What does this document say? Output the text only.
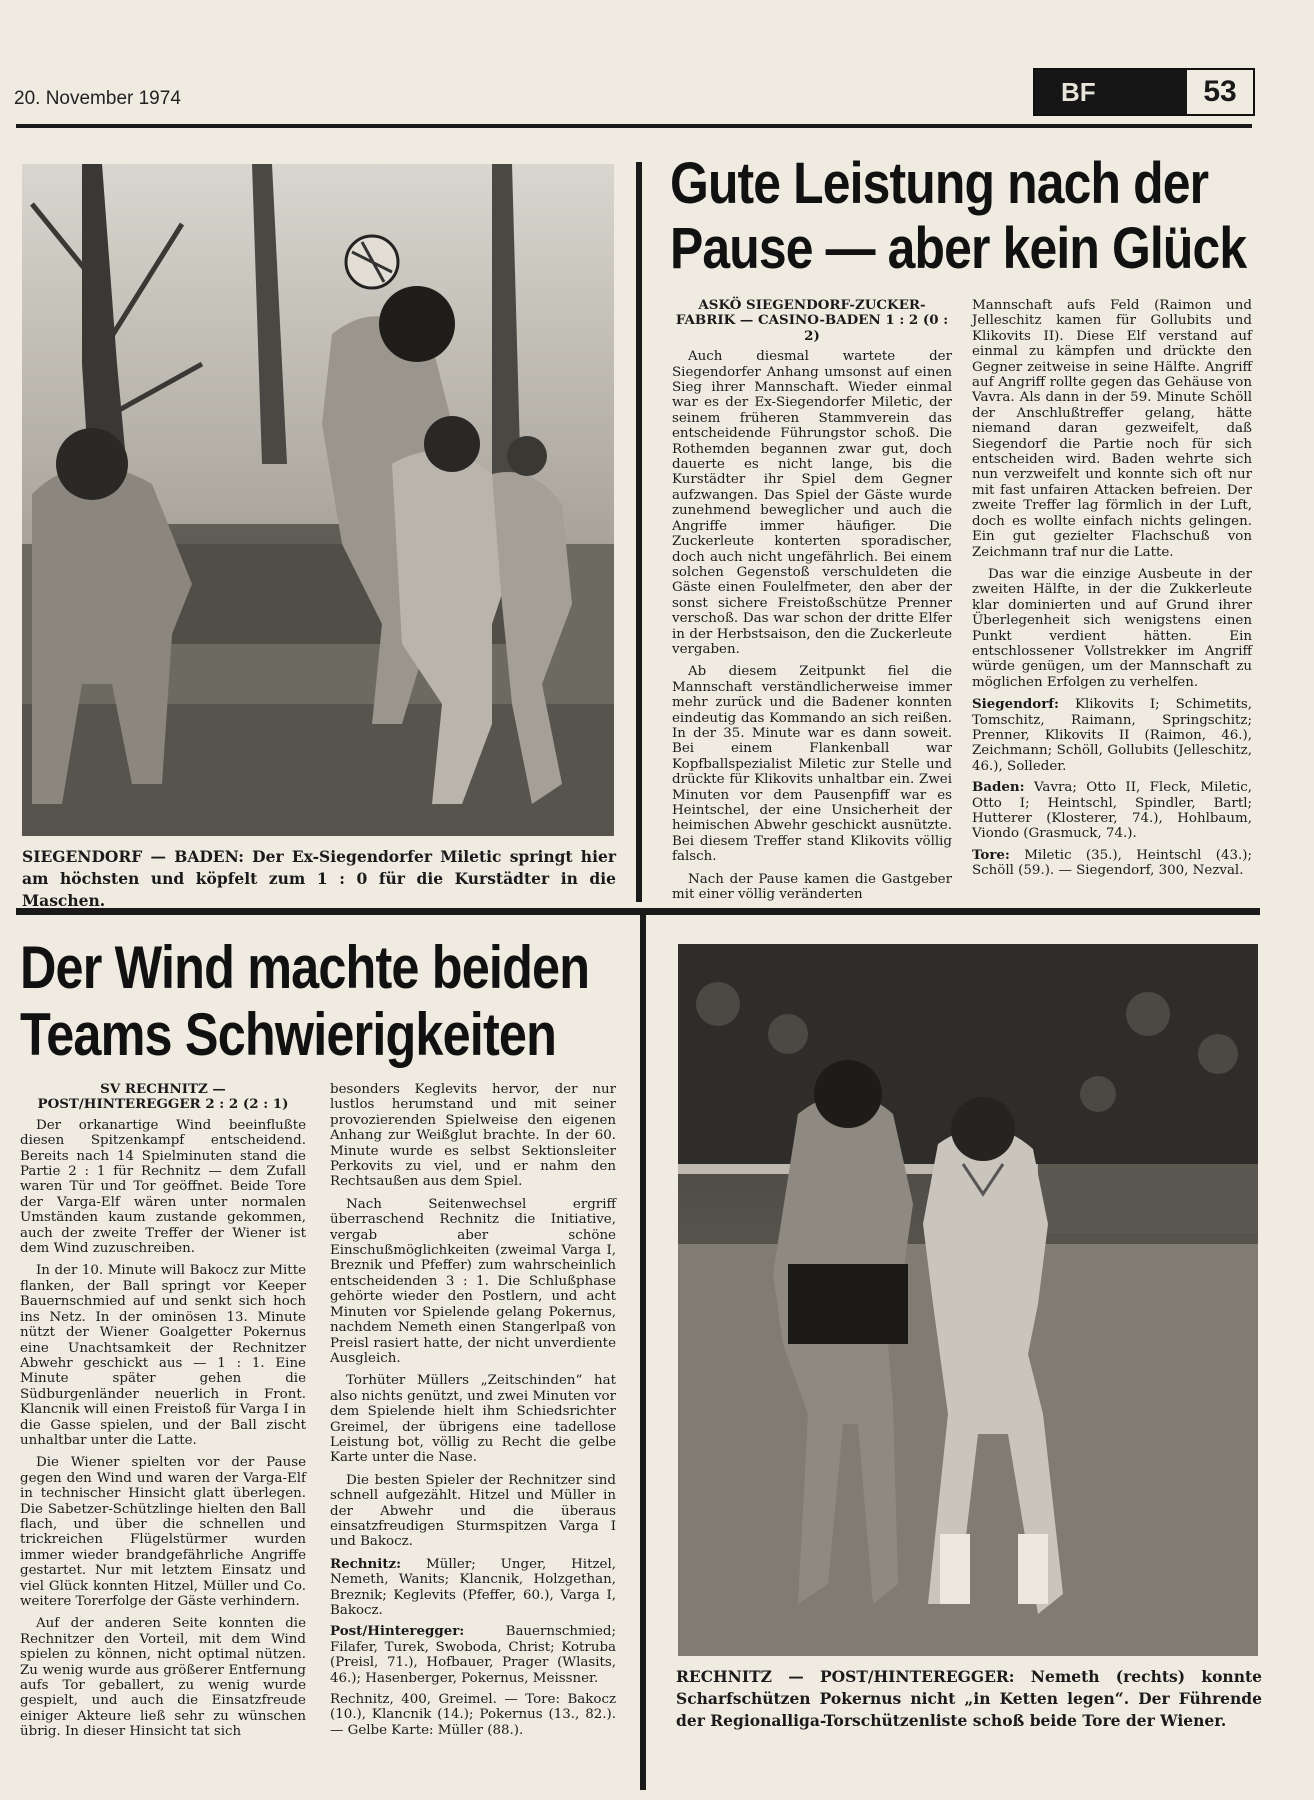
20. November 1974	BF	53
SIEGENDORF — BADEN: Der Ex-Siegendorfer Miletic springt hier am höchsten und köpfelt zum 1 : 0 für die Kurstädter in die Maschen.
Gute Leistung nach der Pause — aber kein Glück

ASKÖ SIEGENDORF-ZUCKER-FABRIK — CASINO-BADEN 1 : 2 (0 : 2)

Auch diesmal wartete der Siegendorfer Anhang umsonst auf einen Sieg ihrer Mannschaft. Wieder einmal war es der Ex-Siegendorfer Miletic, der seinem früheren Stammverein das entscheidende Führungstor schoß. Die Rothemden begannen zwar gut, doch dauerte es nicht lange, bis die Kurstädter ihr Spiel dem Gegner aufzwangen. Das Spiel der Gäste wurde zunehmend beweglicher und auch die Angriffe immer häufiger. Die Zuckerleute konterten sporadischer, doch auch nicht ungefährlich. Bei einem solchen Gegenstoß verschuldeten die Gäste einen Foulelfmeter, den aber der sonst sichere Freistoßschütze Prenner verschoß. Das war schon der dritte Elfer in der Herbstsaison, den die Zuckerleute vergaben.

Ab diesem Zeitpunkt fiel die Mannschaft verständlicherweise immer mehr zurück und die Badener konnten eindeutig das Kommando an sich reißen. In der 35. Minute war es dann soweit. Bei einem Flankenball war Kopfballspezialist Miletic zur Stelle und drückte für Klikovits unhaltbar ein. Zwei Minuten vor dem Pausenpfiff war es Heintschel, der eine Unsicherheit der heimischen Abwehr geschickt ausnützte. Bei diesem Treffer stand Klikovits völlig falsch.

Nach der Pause kamen die Gastgeber mit einer völlig veränderten

Mannschaft aufs Feld (Raimon und Jelleschitz kamen für Gollubits und Klikovits II). Diese Elf verstand auf einmal zu kämpfen und drückte den Gegner zeitweise in seine Hälfte. Angriff auf Angriff rollte gegen das Gehäuse von Vavra. Als dann in der 59. Minute Schöll der Anschlußtreffer gelang, hätte niemand daran gezweifelt, daß Siegendorf die Partie noch für sich entscheiden wird. Baden wehrte sich nun verzweifelt und konnte sich oft nur mit fast unfairen Attacken befreien. Der zweite Treffer lag förmlich in der Luft, doch es wollte einfach nichts gelingen. Ein gut gezielter Flachschuß von Zeichmann traf nur die Latte.

Das war die einzige Ausbeute in der zweiten Hälfte, in der die Zukkerleute klar dominierten und auf Grund ihrer Überlegenheit sich wenigstens einen Punkt verdient hätten. Ein entschlossener Vollstrekker im Angriff würde genügen, um der Mannschaft zu möglichen Erfolgen zu verhelfen.

Siegendorf: Klikovits I; Schimetits, Tomschitz, Raimann, Springschitz; Prenner, Klikovits II (Raimon, 46.), Zeichmann; Schöll, Gollubits (Jelleschitz, 46.), Solleder.

Baden: Vavra; Otto II, Fleck, Miletic, Otto I; Heintschl, Spindler, Bartl; Hutterer (Klosterer, 74.), Hohlbaum, Viondo (Grasmuck, 74.).

Tore: Miletic (35.), Heintschl (43.); Schöll (59.). — Siegendorf, 300, Nezval.

Der Wind machte beiden Teams Schwierigkeiten

SV RECHNITZ — POST/HINTEREGGER 2 : 2 (2 : 1)

Der orkanartige Wind beeinflußte diesen Spitzenkampf entscheidend. Bereits nach 14 Spielminuten stand die Partie 2 : 1 für Rechnitz — dem Zufall waren Tür und Tor geöffnet. Beide Tore der Varga-Elf wären unter normalen Umständen kaum zustande gekommen, auch der zweite Treffer der Wiener ist dem Wind zuzuschreiben.

In der 10. Minute will Bakocz zur Mitte flanken, der Ball springt vor Keeper Bauernschmied auf und senkt sich hoch ins Netz. In der ominösen 13. Minute nützt der Wiener Goalgetter Pokernus eine Unachtsamkeit der Rechnitzer Abwehr geschickt aus — 1 : 1. Eine Minute später gehen die Südburgenländer neuerlich in Front. Klancnik will einen Freistoß für Varga I in die Gasse spielen, und der Ball zischt unhaltbar unter die Latte.

Die Wiener spielten vor der Pause gegen den Wind und waren der Varga-Elf in technischer Hinsicht glatt überlegen. Die Sabetzer-Schützlinge hielten den Ball flach, und über die schnellen und trickreichen Flügelstürmer wurden immer wieder brandgefährliche Angriffe gestartet. Nur mit letztem Einsatz und viel Glück konnten Hitzel, Müller und Co. weitere Torerfolge der Gäste verhindern.

Auf der anderen Seite konnten die Rechnitzer den Vorteil, mit dem Wind spielen zu können, nicht optimal nützen. Zu wenig wurde aus größerer Entfernung aufs Tor geballert, zu wenig wurde gespielt, und auch die Einsatzfreude einiger Akteure ließ sehr zu wünschen übrig. In dieser Hinsicht tat sich

besonders Keglevits hervor, der nur lustlos herumstand und mit seiner provozierenden Spielweise den eigenen Anhang zur Weißglut brachte. In der 60. Minute wurde es selbst Sektionsleiter Perkovits zu viel, und er nahm den Rechtsaußen aus dem Spiel.

Nach Seitenwechsel ergriff überraschend Rechnitz die Initiative, vergab aber schöne Einschußmöglichkeiten (zweimal Varga I, Breznik und Pfeffer) zum wahrscheinlich entscheidenden 3 : 1. Die Schlußphase gehörte wieder den Postlern, und acht Minuten vor Spielende gelang Pokernus, nachdem Nemeth einen Stangerlpaß von Preisl rasiert hatte, der nicht unverdiente Ausgleich.

Torhüter Müllers „Zeitschinden“ hat also nichts genützt, und zwei Minuten vor dem Spielende hielt ihm Schiedsrichter Greimel, der übrigens eine tadellose Leistung bot, völlig zu Recht die gelbe Karte unter die Nase.

Die besten Spieler der Rechnitzer sind schnell aufgezählt. Hitzel und Müller in der Abwehr und die überaus einsatzfreudigen Sturmspitzen Varga I und Bakocz.

Rechnitz: Müller; Unger, Hitzel, Nemeth, Wanits; Klancnik, Holzgethan, Breznik; Keglevits (Pfeffer, 60.), Varga I, Bakocz.

Post/Hinteregger:	Bauernschmied; Filafer, Turek, Swoboda, Christ; Kotruba (Preisl, 71.), Hofbauer, Prager (Wlasits, 46.); Hasenberger, Pokernus, Meissner.

Rechnitz, 400, Greimel. — Tore: Bakocz (10.), Klancnik (14.); Pokernus (13., 82.). — Gelbe Karte: Müller (88.).

RECHNITZ — POST/HINTEREGGER: Nemeth (rechts) konnte Scharfschützen Pokernus nicht „in Ketten legen“. Der Führende der Regionalliga-Torschützenliste schoß beide Tore der Wiener.
